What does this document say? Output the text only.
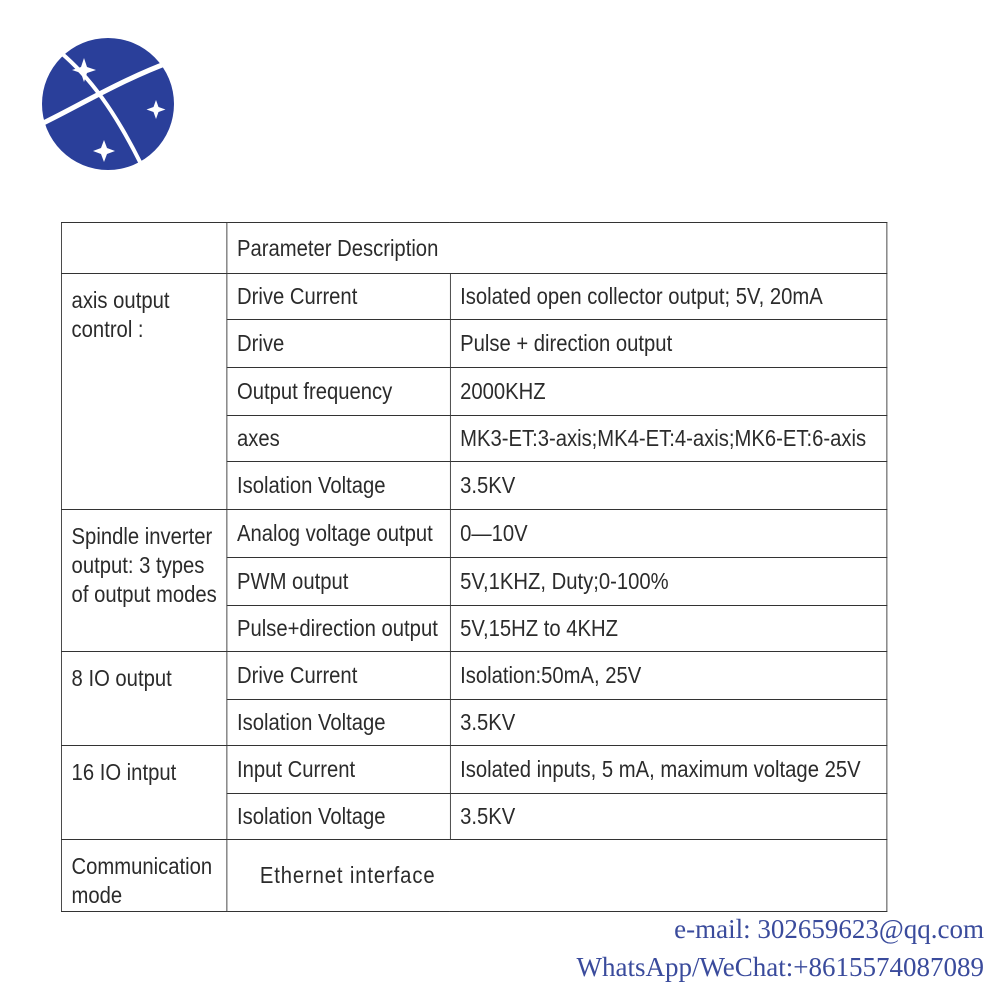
	Parameter Description	
axis output control :	Drive Current	Isolated open collector output; 5V, 20mA
	Drive	Pulse + direction output
	Output frequency	2000KHZ
	axes	MK3-ET:3-axis;MK4-ET:4-axis;MK6-ET:6-axis
	Isolation Voltage	3.5KV
Spindle inverter output: 3 types of output modes	Analog voltage output	0—10V
	PWM output	5V,1KHZ, Duty;0-100%
	Pulse+direction output	5V,15HZ to 4KHZ
8 IO output	Drive Current	Isolation:50mA, 25V
	Isolation Voltage	3.5KV
16 IO intput	Input Current	Isolated inputs, 5 mA, maximum voltage 25V
	Isolation Voltage	3.5KV
Communication mode	Ethernet interface	
e-mail: 302659623@qq.com
WhatsApp/WeChat:+8615574087089
